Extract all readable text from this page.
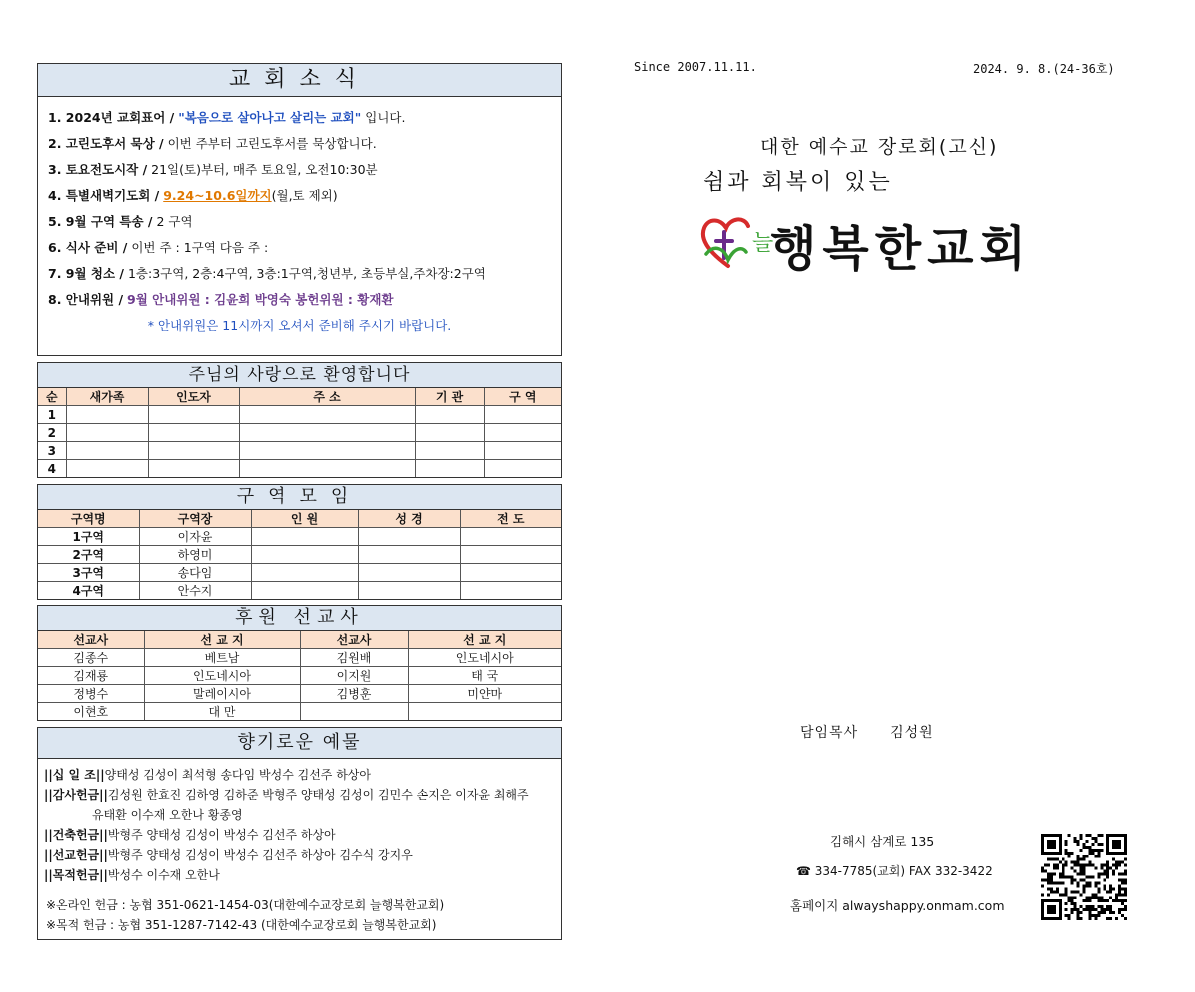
교회소식
1. 2024년 교회표어 / "복음으로 살아나고 살리는 교회" 입니다.
2. 고린도후서 묵상 / 이번 주부터 고린도후서를 묵상합니다.
3. 토요전도시작 / 21일(토)부터, 매주 토요일, 오전10:30분
4. 특별새벽기도회 / 9.24~10.6일까지(월,토 제외)
5. 9월 구역 특송 / 2 구역
6. 식사 준비 / 이번 주 : 1구역 다음 주 :
7. 9월 청소 / 1층:3구역, 2층:4구역, 3층:1구역,청년부, 초등부실,주차장:2구역
8. 안내위원 / 9월 안내위원 : 김윤희 박영숙 봉헌위원 : 황재환
* 안내위원은 11시까지 오셔서 준비해 주시기 바랍니다.
주님의 사랑으로 환영합니다
순	새가족	인도자	주 소	기 관	구 역
1					
2					
3					
4					
구역모임
구역명	구역장	인 원	성 경	전 도
1구역	이자윤			
2구역	하영미			
3구역	송다임			
4구역	안수지			
후원 선교사
선교사	선 교 지	선교사	선 교 지
김종수	베트남	김원배	인도네시아
김재룡	인도네시아	이지원	태 국
정병수	말레이시아	김병훈	미얀마
이현호	대 만		
향기로운 예물
||십 일 조||양태성 김성이 최석형 송다임 박성수 김선주 하상아
||감사헌금||김성원 한효진 김하영 김하준 박형주 양태성 김성이 김민수 손지은 이자윤 최해주
유태환 이수재 오한나 황종영
||건축헌금||박형주 양태성 김성이 박성수 김선주 하상아
||선교헌금||박형주 양태성 김성이 박성수 김선주 하상아 김수식 강지우
||목적헌금||박성수 이수재 오한나
※온라인 헌금 : 농협 351-0621-1454-03(대한예수교장로회 늘행복한교회)
※목적 헌금 : 농협 351-1287-7142-43 (대한예수교장로회 늘행복한교회)
Since 2007.11.11.	2024. 9. 8.(24-36호)
대한 예수교 장로회(고신)
쉼과 회복이 있는
늘
행복한교회
담임목사 김성원
김해시 삼계로 135
☎ 334-7785(교회) FAX 332-3422
홈페이지 alwayshappy.onmam.com
